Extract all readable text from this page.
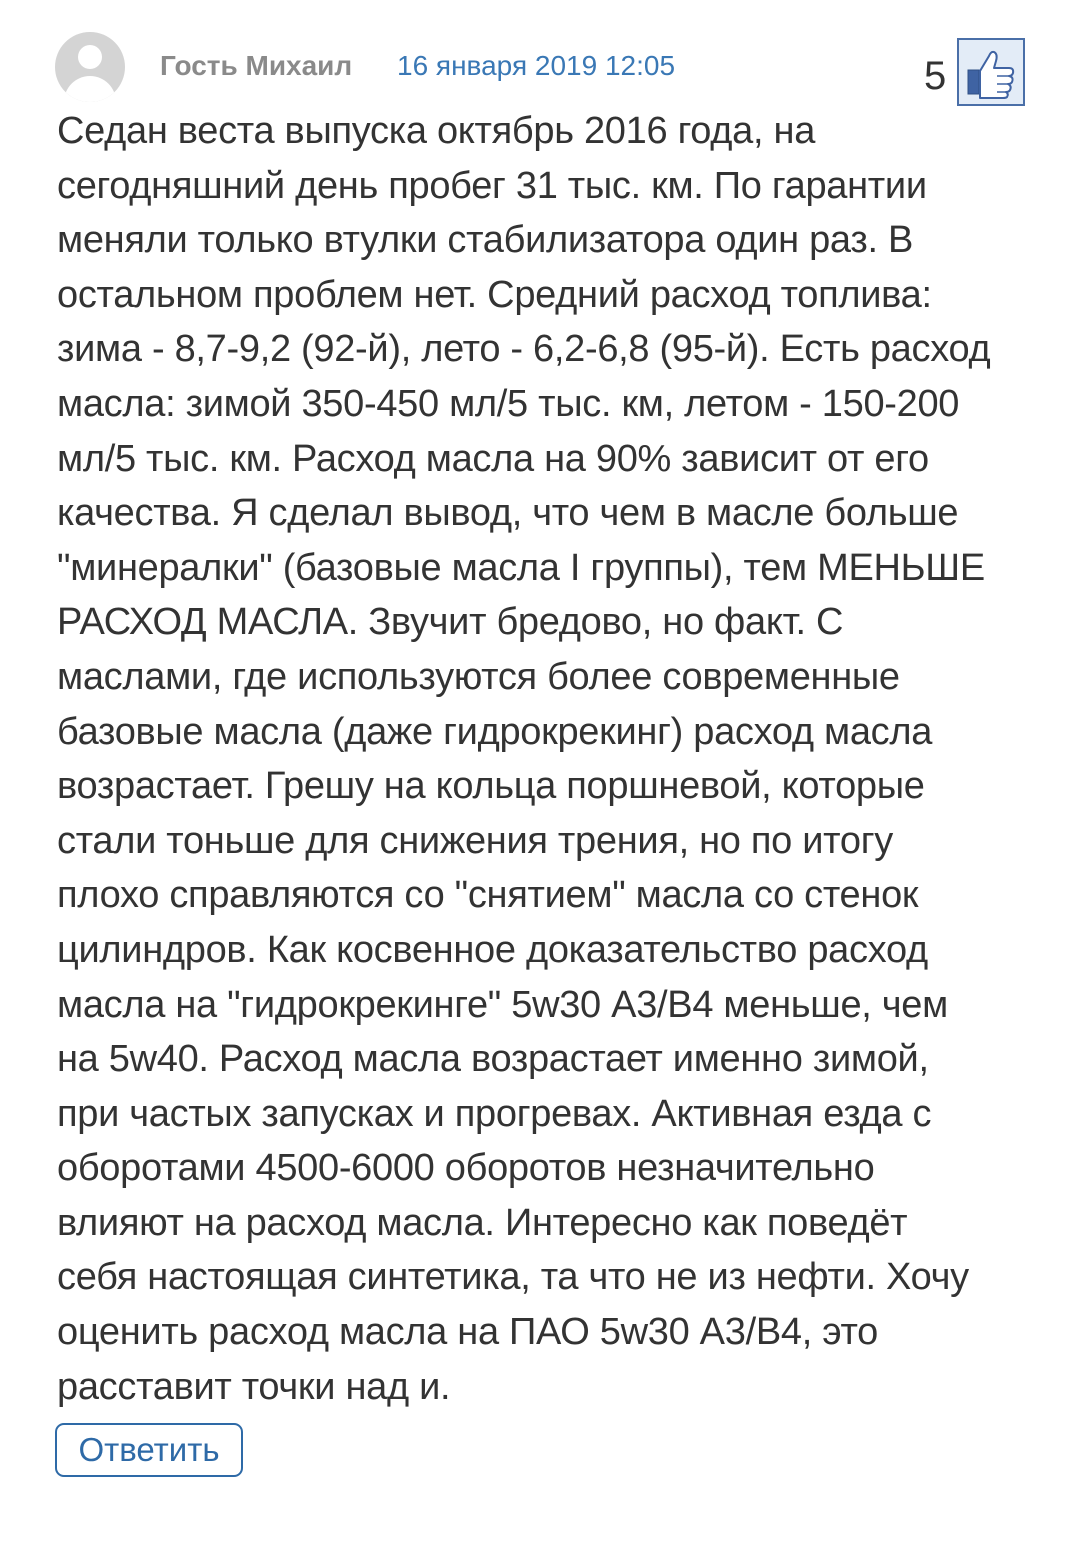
Гость Михаил 16 января 2019 12:05	5

Седан веста выпуска октябрь 2016 года, на
сегодняшний день пробег 31 тыс. км. По гарантии
меняли только втулки стабилизатора один раз. В
остальном проблем нет. Средний расход топлива:
зима - 8,7-9,2 (92-й), лето - 6,2-6,8 (95-й). Есть расход
масла: зимой 350-450 мл/5 тыс. км, летом - 150-200
мл/5 тыс. км. Расход масла на 90% зависит от его
качества. Я сделал вывод, что чем в масле больше
"минералки" (базовые масла I группы), тем МЕНЬШЕ
РАСХОД МАСЛА. Звучит бредово, но факт. С
маслами, где используются более современные
базовые масла (даже гидрокрекинг) расход масла
возрастает. Грешу на кольца поршневой, которые
стали тоньше для снижения трения, но по итогу
плохо справляются со "снятием" масла со стенок
цилиндров. Как косвенное доказательство расход
масла на "гидрокрекинге" 5w30 А3/В4 меньше, чем
на 5w40. Расход масла возрастает именно зимой,
при частых запусках и прогревах. Активная езда с
оборотами 4500-6000 оборотов незначительно
влияют на расход масла. Интересно как поведёт
себя настоящая синтетика, та что не из нефти. Хочу
оценить расход масла на ПАО 5w30 А3/В4, это
расставит точки над и.

Ответить
